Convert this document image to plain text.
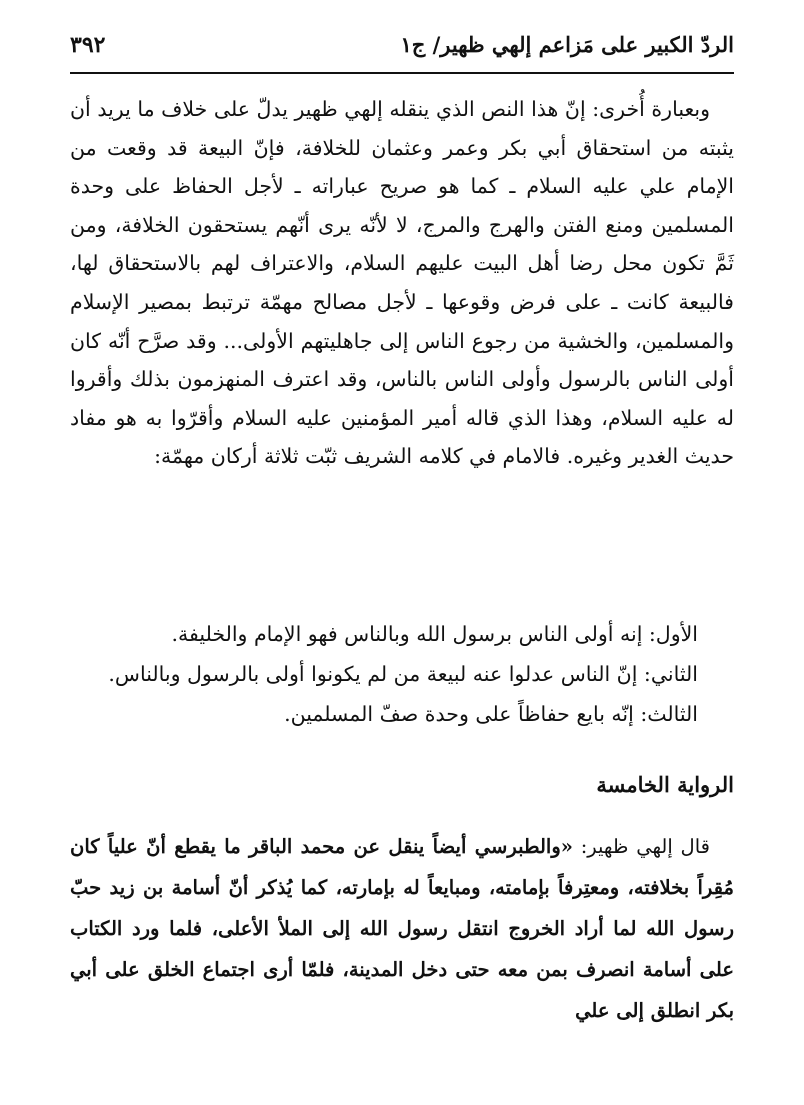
الردّ الكبير على مَزاعم إلهي ظهير/ ج١
٣٩٢

وبعبارة أُخرى: إنّ هذا النص الذي ينقله إلهي ظهير يدلّ على خلاف ما يريد أن يثبته من استحقاق أبي بكر وعمر وعثمان للخلافة، فإنّ البيعة قد وقعت من الإمام علي عليه السلام ـ كما هو صريح عباراته ـ لأجل الحفاظ على وحدة المسلمين ومنع الفتن والهرج والمرج، لا لأنّه يرى أنّهم يستحقون الخلافة، ومن ثَمَّ تكون محل رضا أهل البيت عليهم السلام، والاعتراف لهم بالاستحقاق لها، فالبيعة كانت ـ على فرض وقوعها ـ لأجل مصالح مهمّة ترتبط بمصير الإسلام والمسلمين، والخشية من رجوع الناس إلى جاهليتهم الأولى... وقد صرَّح أنّه كان أولى الناس بالرسول وأولى الناس بالناس، وقد اعترف المنهزمون بذلك وأقروا له عليه السلام، وهذا الذي قاله أمير المؤمنين عليه السلام وأقرّوا به هو مفاد حديث الغدير وغيره. فالامام في كلامه الشريف ثبّت ثلاثة أركان مهمّة:

الأول: إنه أولى الناس برسول الله وبالناس فهو الإمام والخليفة.

الثاني: إنّ الناس عدلوا عنه لبيعة من لم يكونوا أولى بالرسول وبالناس.

الثالث: إنّه بايع حفاظاً على وحدة صفّ المسلمين.

الرواية الخامسة

قال إلهي ظهير: «والطبرسي أيضاً ينقل عن محمد الباقر ما يقطع أنّ علياً كان مُقِراً بخلافته، ومعتِرفاً بإمامته، ومبايعاً له بإمارته، كما يُذكر أنّ أسامة بن زيد حبّ رسول الله لما أراد الخروج انتقل رسول الله إلى الملأ الأعلى، فلما ورد الكتاب على أسامة انصرف بمن معه حتى دخل المدينة، فلمّا أرى اجتماع الخلق على أبي بكر انطلق إلى علي
